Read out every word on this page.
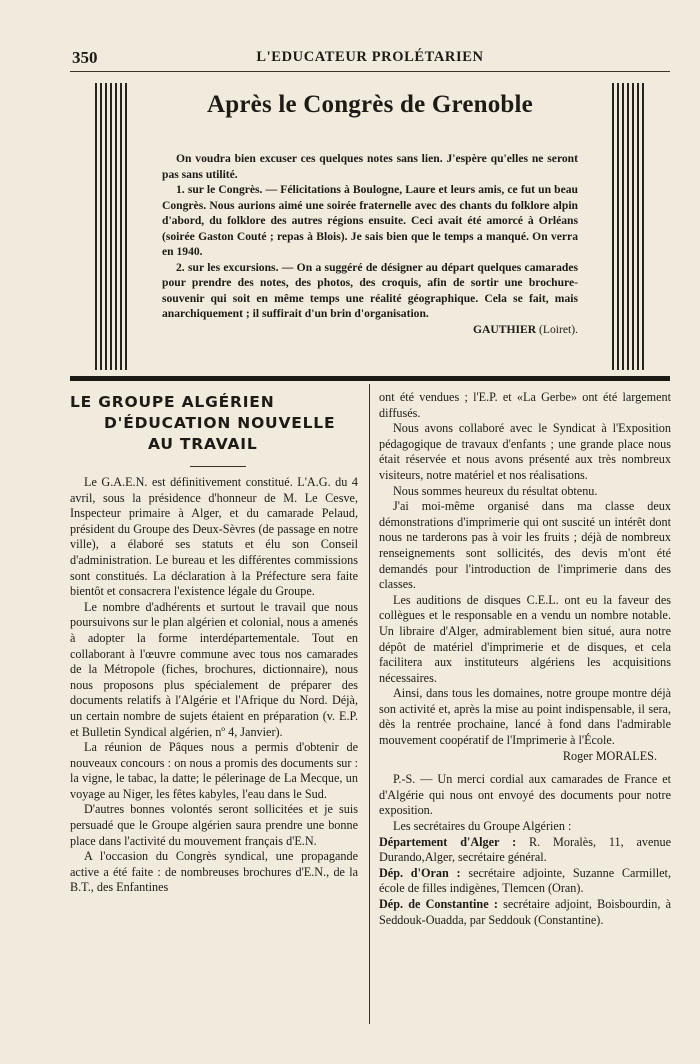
350	L'EDUCATEUR PROLÉTARIEN
Après le Congrès de Grenoble

On voudra bien excuser ces quelques notes sans lien. J'espère qu'elles ne seront pas sans utilité.

1. sur le Congrès. — Félicitations à Boulogne, Laure et leurs amis, ce fut un beau Congrès. Nous aurions aimé une soirée fraternelle avec des chants du folklore alpin d'abord, du folklore des autres régions ensuite. Ceci avait été amorcé à Orléans (soirée Gaston Couté ; repas à Blois). Je sais bien que le temps a manqué. On verra en 1940.

2. sur les excursions. — On a suggéré de désigner au départ quelques camarades pour prendre des notes, des photos, des croquis, afin de sortir une brochure-souvenir qui soit en même temps une réalité géographique. Cela se fait, mais anarchiquement ; il suffirait d'un brin d'organisation.

GAUTHIER (Loiret).

LE GROUPE ALGÉRIEN
D'ÉDUCATION NOUVELLE
AU TRAVAIL

Le G.A.E.N. est définitivement constitué. L'A.G. du 4 avril, sous la présidence d'honneur de M. Le Cesve, Inspecteur primaire à Alger, et du camarade Pelaud, président du Groupe des Deux-Sèvres (de passage en notre ville), a élaboré ses statuts et élu son Conseil d'administration. Le bureau et les différentes commissions sont constitués. La déclaration à la Préfecture sera faite bientôt et consacrera l'existence légale du Groupe.

Le nombre d'adhérents et surtout le travail que nous poursuivons sur le plan algérien et colonial, nous a amenés à adopter la forme interdépartementale. Tout en collaborant à l'œuvre commune avec tous nos camarades de la Métropole (fiches, brochures, dictionnaire), nous nous proposons plus spécialement de préparer des documents relatifs à l'Algérie et l'Afrique du Nord. Déjà, un certain nombre de sujets étaient en préparation (v. E.P. et Bulletin Syndical algérien, nº 4, Janvier).

La réunion de Pâques nous a permis d'obtenir de nouveaux concours : on nous a promis des documents sur : la vigne, le tabac, la datte; le pélerinage de La Mecque, un voyage au Niger, les fêtes kabyles, l'eau dans le Sud.

D'autres bonnes volontés seront sollicitées et je suis persuadé que le Groupe algérien saura prendre une bonne place dans l'activité du mouvement français d'E.N.

A l'occasion du Congrès syndical, une propagande active a été faite : de nombreuses brochures d'E.N., de la B.T., des Enfantines

ont été vendues ; l'E.P. et «La Gerbe» ont été largement diffusés.

Nous avons collaboré avec le Syndicat à l'Exposition pédagogique de travaux d'enfants ; une grande place nous était réservée et nous avons présenté aux très nombreux visiteurs, notre matériel et nos réalisations.

Nous sommes heureux du résultat obtenu.

J'ai moi-même organisé dans ma classe deux démonstrations d'imprimerie qui ont suscité un intérêt dont nous ne tarderons pas à voir les fruits ; déjà de nombreux renseignements sont sollicités, des devis m'ont été demandés pour l'introduction de l'imprimerie dans des classes.

Les auditions de disques C.E.L. ont eu la faveur des collègues et le responsable en a vendu un nombre notable. Un libraire d'Alger, admirablement bien situé, aura notre dépôt de matériel d'imprimerie et de disques, et cela facilitera aux instituteurs algériens les acquisitions nécessaires.

Ainsi, dans tous les domaines, notre groupe montre déjà son activité et, après la mise au point indispensable, il sera, dès la rentrée prochaine, lancé à fond dans l'admirable mouvement coopératif de l'Imprimerie à l'École.

Roger MORALES.

P.-S. — Un merci cordial aux camarades de France et d'Algérie qui nous ont envoyé des documents pour notre exposition.

Les secrétaires du Groupe Algérien :

Département d'Alger : R. Moralès, 11, avenue Durando,Alger, secrétaire général.

Dép. d'Oran : secrétaire adjointe, Suzanne Carmillet, école de filles indigènes, Tlemcen (Oran).

Dép. de Constantine : secrétaire adjoint, Boisbourdin, à Seddouk-Ouadda, par Seddouk (Constantine).
